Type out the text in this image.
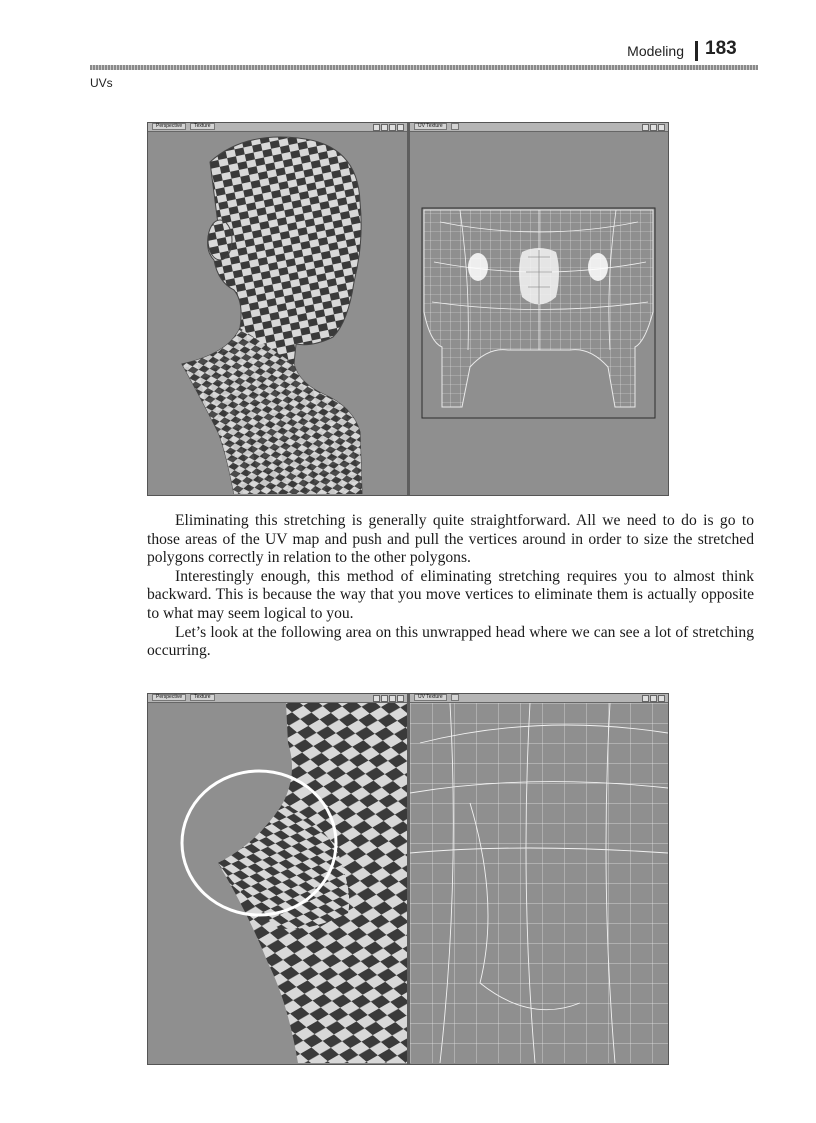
Modeling 183
UVs
Perspective Texture	UV Texture

Eliminating this stretching is generally quite straightforward. All we need to do is go to those areas of the UV map and push and pull the vertices around in order to size the stretched polygons correctly in relation to the other polygons.

Interestingly enough, this method of eliminating stretching requires you to almost think backward. This is because the way that you move vertices to eliminate them is actually opposite to what may seem logical to you.

Let’s look at the following area on this unwrapped head where we can see a lot of stretching occurring.

Perspective Texture	UV Texture
